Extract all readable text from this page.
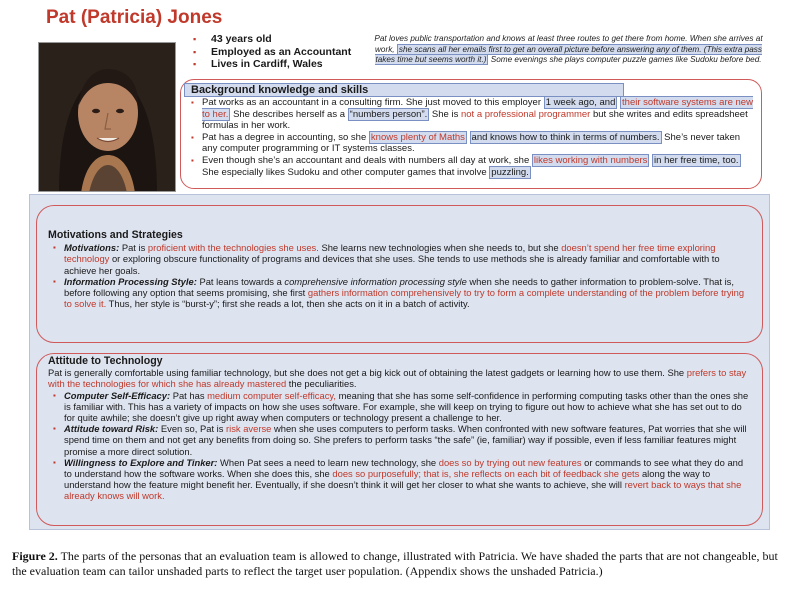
Pat (Patricia) Jones
▪ 43 years old
▪ Employed as an Accountant
▪ Lives in Cardiff, Wales
Pat loves public transportation and knows at least three routes to get there from home. When she arrives at work, she scans all her emails first to get an overall picture before answering any of them. (This extra pass takes time but seems worth it.) Some evenings she plays computer puzzle games like Sudoku before bed.
Background knowledge and skills
▪ Pat works as an accountant in a consulting firm. She just moved to this employer 1 week ago, and their software systems are new to her. She describes herself as a “numbers person”. She is not a professional programmer but she writes and edits spreadsheet formulas in her work.
▪ Pat has a degree in accounting, so she knows plenty of Maths and knows how to think in terms of numbers. She’s never taken any computer programming or IT systems classes.
▪ Even though she’s an accountant and deals with numbers all day at work, she likes working with numbers in her free time, too. She especially likes Sudoku and other computer games that involve puzzling.
Motivations and Strategies
▪ Motivations: Pat is proficient with the technologies she uses. She learns new technologies when she needs to, but she doesn’t spend her free time exploring technology or exploring obscure functionality of programs and devices that she uses. She tends to use methods she is already familiar and comfortable with to achieve her goals.
▪ Information Processing Style: Pat leans towards a comprehensive information processing style when she needs to gather information to problem-solve. That is, before following any option that seems promising, she first gathers information comprehensively to try to form a complete understanding of the problem before trying to solve it. Thus, her style is “burst-y”; first she reads a lot, then she acts on it in a batch of activity.
Attitude to Technology
Pat is generally comfortable using familiar technology, but she does not get a big kick out of obtaining the latest gadgets or learning how to use them. She prefers to stay with the technologies for which she has already mastered the peculiarities.
▪ Computer Self-Efficacy: Pat has medium computer self-efficacy, meaning that she has some self-confidence in performing computing tasks other than the ones she is familiar with. This has a variety of impacts on how she uses software. For example, she will keep on trying to figure out how to achieve what she has set out to do for quite awhile; she doesn’t give up right away when computers or technology present a challenge to her.
▪ Attitude toward Risk: Even so, Pat is risk averse when she uses computers to perform tasks. When confronted with new software features, Pat worries that she will spend time on them and not get any benefits from doing so. She prefers to perform tasks “the safe” (ie, familiar) way if possible, even if less familiar features might promise a more direct solution.
▪ Willingness to Explore and Tinker: When Pat sees a need to learn new technology, she does so by trying out new features or commands to see what they do and to understand how the software works. When she does this, she does so purposefully; that is, she reflects on each bit of feedback she gets along the way to understand how the feature might benefit her. Eventually, if she doesn’t think it will get her closer to what she wants to achieve, she will revert back to ways that she already knows will work.
Figure 2. The parts of the personas that an evaluation team is allowed to change, illustrated with Patricia. We have shaded the parts that are not changeable, but the evaluation team can tailor unshaded parts to reflect the target user population. (Appendix shows the unshaded Patricia.)
